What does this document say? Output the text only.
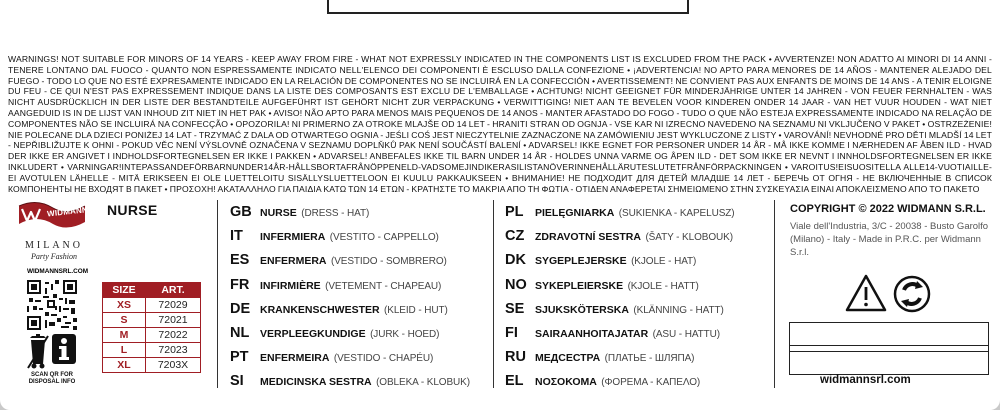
WARNINGS! NOT SUITABLE FOR MINORS OF 14 YEARS - KEEP AWAY FROM FIRE - WHAT NOT EXPRESSLY INDICATED IN THE COMPONENTS LIST IS EXCLUDED FROM THE PACK • AVVERTENZE! NON ADATTO AI MINORI DI 14 ANNI - TENERE LONTANO DAL FUOCO - QUANTO NON ESPRESSAMENTE INDICATO NELL'ELENCO DEI COMPONENTI È ESCLUSO DALLA CONFEZIONE • ¡ADVERTENCIA! NO APTO PARA MENORES DE 14 AÑOS - MANTENER ALEJADO DEL FUEGO - TODO LO QUE NO ESTÉ EXPRESAMENTE INDICADO EN LA RELACIÓN DE COMPONENTES NO SE INCLUIRÁ EN LA CONFECCIÓN • AVERTISSEMENT! NE CONVIENT PAS AUX ENFANTS DE MOINS DE 14 ANS - A TENIR ELOIGNE DU FEU - CE QUI N'EST PAS EXPRESSEMENT INDIQUE DANS LA LISTE DES COMPOSANTS EST EXCLU DE L'EMBALLAGE • ACHTUNG! NICHT GEEIGNET FÜR MINDERJÄHRIGE UNTER 14 JAHREN - VON FEUER FERNHALTEN - WAS NICHT AUSDRÜCKLICH IN DER LISTE DER BESTANDTEILE AUFGEFÜHRT IST GEHÖRT NICHT ZUR VERPACKUNG • VERWITTIGING! NIET AAN TE BEVELEN VOOR KINDEREN ONDER 14 JAAR - VAN HET VUUR HOUDEN - WAT NIET AANGEDUID IS IN DE LIJST VAN INHOUD ZIT NIET IN HET PAK • AVISO! NÃO APTO PARA MENOS MAIS PEQUENOS DE 14 ANOS - MANTER AFASTADO DO FOGO - TUDO O QUE NÃO ESTEJA EXPRESSAMENTE INDICADO NA RELAÇÃO DE COMPONENTES NÃO SE INCLUIRÁ NA CONFECÇÃO • OPOZORILA! NI PRIMERNO ZA OTROKE MLAJŠE OD 14 LET - HRANITI STRAN OD OGNJA - VSE KAR NI IZRECNO NAVEDENO NA SEZNAMU NI VKLJUČENO V PAKET • OSTRZEŻENIE! NIE POLECANE DLA DZIECI PONIŻEJ 14 LAT - TRZYMAĆ Z DALA OD OTWARTEGO OGNIA - JEŚLI COŚ JEST NIECZYTELNIE ZAZNACZONE NA ZAMÓWIENIU JEST WYKLUCZONE Z LISTY • VAROVÁNÍ! NEVHODNÉ PRO DĚTI MLADŠÍ 14 LET - NEPŘIBLIŽUJTE K OHNI - POKUD VĚC NENÍ VÝSLOVNĚ OZNAČENA V SEZNAMU DOPLŇKŮ PAK NENÍ SOUČÁSTÍ BALENÍ • ADVARSEL! IKKE EGNET FOR PERSONER UNDER 14 ÅR - MÅ IKKE KOMME I NÆRHEDEN AF ÅBEN ILD - HVAD DER IKKE ER ANGIVET I INDHOLDSFORTEGNELSEN ER IKKE I PAKKEN • ADVARSEL! ANBEFALES IKKE TIL BARN UNDER 14 ÅR - HOLDES UNNA VARME OG ÅPEN ILD - DET SOM IKKE ER NEVNT I INNHOLDSFORTEGNELSEN ER IKKE INKLUDERT • VARNINGAR!INTEPASSANDEFÖRBARNUNDER14ÅR-HÅLLSBORTAFRÅNÖPPENELD-VADSOMEJINDIKERASILISTANÖVERINNEHÅLLÄRUTESLUTETFRÅNFÖRPACKNINGEN • VAROITUS!EISUOSITELLA ALLE14-VUOTIAILLE-EI AVOTULEN LÄHELLE - MITÄ ERIKSEEN EI OLE LUETTELOITU SISÄLLYSLUETTELOON EI KUULU PAKKAUKSEEN • ВНИМАНИЕ! НЕ ПОДХОДИТ ДЛЯ ДЕТЕЙ МЛАДШЕ 14 ЛЕТ - БЕРЕЧЬ ОТ ОГНЯ - НЕ ВКЛЮЧЕННЫЕ В СПИСОК КОМПОНЕНТЫ НЕ ВХОДЯТ В ПАКЕТ • ΠΡΟΣΟΧΗ! ΑΚΑΤΑΛΛΗΛΟ ΓΙΑ ΠΑΙΔΙΑ ΚΑΤΩ ΤΩΝ 14 ΕΤΩΝ - ΚΡΑΤΗΣΤΕ ΤΟ ΜΑΚΡΙΑ ΑΠΟ ΤΗ ΦΩΤΙΑ - ΟΤΙΔΕΝ ΑΝΑΦΕΡΕΤΑΙ ΣΗΜΕΙΩΜΕΝΟ ΣΤΗΝ ΣΥΣΚΕΥΑΣΙΑ ΕΙΝΑΙ ΑΠΟΚΛΕΙΣΜΕΝΟ ΑΠΟ ΤΟ ΠΑΚΕΤΟ

WIDMANN®
MILANO
Party Fashion
WIDMANNSRL.COM
SCAN QR FOR DISPOSAL INFO
NURSE
SIZE	ART.
XS	72029
S	72021
M	72022
L	72023
XL	7203X
GB NURSE (DRESS - HAT)
IT INFERMIERA (VESTITO - CAPPELLO)
ES ENFERMERA (VESTIDO - SOMBRERO)
FR INFIRMIÈRE (VETEMENT - CHAPEAU)
DE KRANKENSCHWESTER (KLEID - HUT)
NL VERPLEEGKUNDIGE (JURK - HOED)
PT ENFERMEIRA (VESTIDO - CHAPÉU)
SI MEDICINSKA SESTRA (OBLEKA - KLOBUK)
PL PIELĘGNIARKA (SUKIENKA - KAPELUSZ)
CZ ZDRAVOTNÍ SESTRA (ŠATY - KLOBOUK)
DK SYGEPLEJERSKE (KJOLE - HAT)
NO SYKEPLEIERSKE (KJOLE - HATT)
SE SJUKSKÖTERSKA (KLÄNNING - HATT)
FI SAIRAANHOITAJATAR (ASU - HATTU)
RU МЕДСЕСТРА (ПЛАТЬЕ - ШЛЯПА)
EL ΝΟΣΟΚΟΜΑ (ΦΟΡΕΜΑ - ΚΑΠΕΛΟ)
COPYRIGHT © 2022 WIDMANN S.R.L.
Viale dell'Industria, 3/C - 20038 - Busto Garolfo (Milano) - Italy - Made in P.R.C. per Widmann S.r.l.
widmannsrl.com
